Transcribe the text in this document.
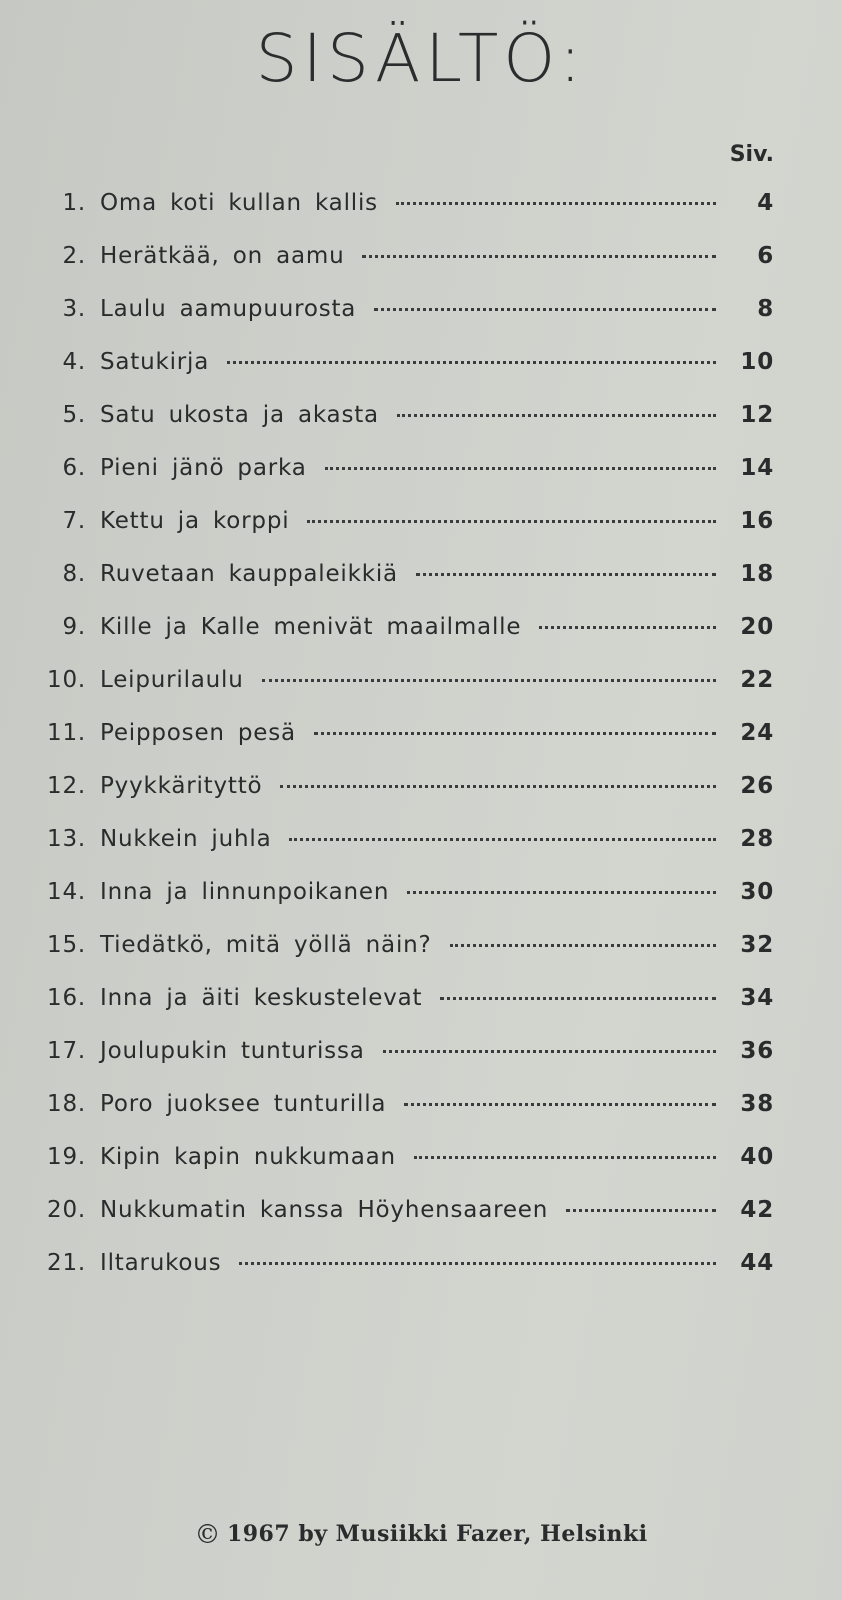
SISÄLTÖ:
Siv.
1. Oma koti kullan kallis	4
2. Herätkää, on aamu	6
3. Laulu aamupuurosta	8
4. Satukirja	10
5. Satu ukosta ja akasta	12
6. Pieni jänö parka	14
7. Kettu ja korppi	16
8. Ruvetaan kauppaleikkiä	18
9. Kille ja Kalle menivät maailmalle	20
10. Leipurilaulu	22
11. Peipposen pesä	24
12. Pyykkärityttö	26
13. Nukkein juhla	28
14. Inna ja linnunpoikanen	30
15. Tiedätkö, mitä yöllä näin?	32
16. Inna ja äiti keskustelevat	34
17. Joulupukin tunturissa	36
18. Poro juoksee tunturilla	38
19. Kipin kapin nukkumaan	40
20. Nukkumatin kanssa Höyhensaareen	42
21. Iltarukous	44
© 1967 by Musiikki Fazer, Helsinki
